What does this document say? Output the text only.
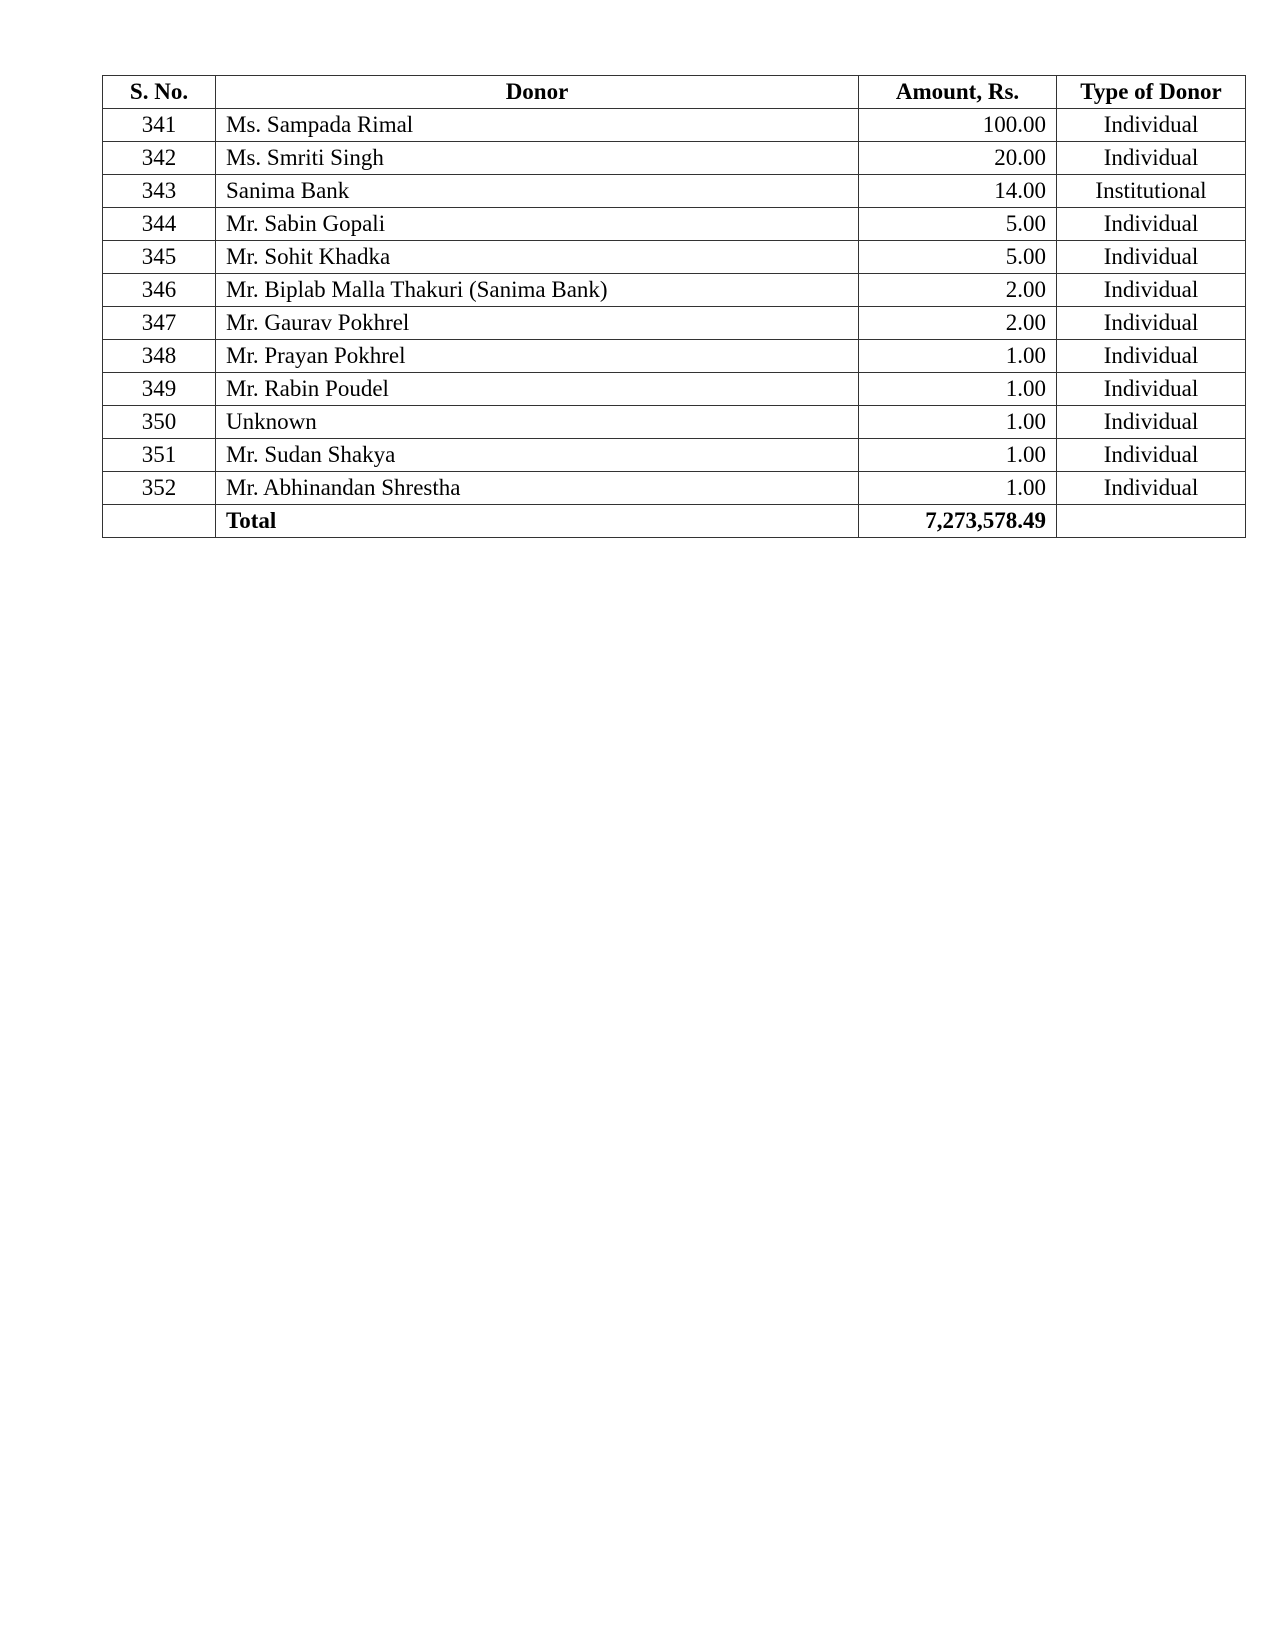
S. No.	Donor	Amount, Rs.	Type of Donor
341	Ms. Sampada Rimal	100.00	Individual
342	Ms. Smriti Singh	20.00	Individual
343	Sanima Bank	14.00	Institutional
344	Mr. Sabin Gopali	5.00	Individual
345	Mr. Sohit Khadka	5.00	Individual
346	Mr. Biplab Malla Thakuri (Sanima Bank)	2.00	Individual
347	Mr. Gaurav Pokhrel	2.00	Individual
348	Mr. Prayan Pokhrel	1.00	Individual
349	Mr. Rabin Poudel	1.00	Individual
350	Unknown	1.00	Individual
351	Mr. Sudan Shakya	1.00	Individual
352	Mr. Abhinandan Shrestha	1.00	Individual
	Total	7,273,578.49	
